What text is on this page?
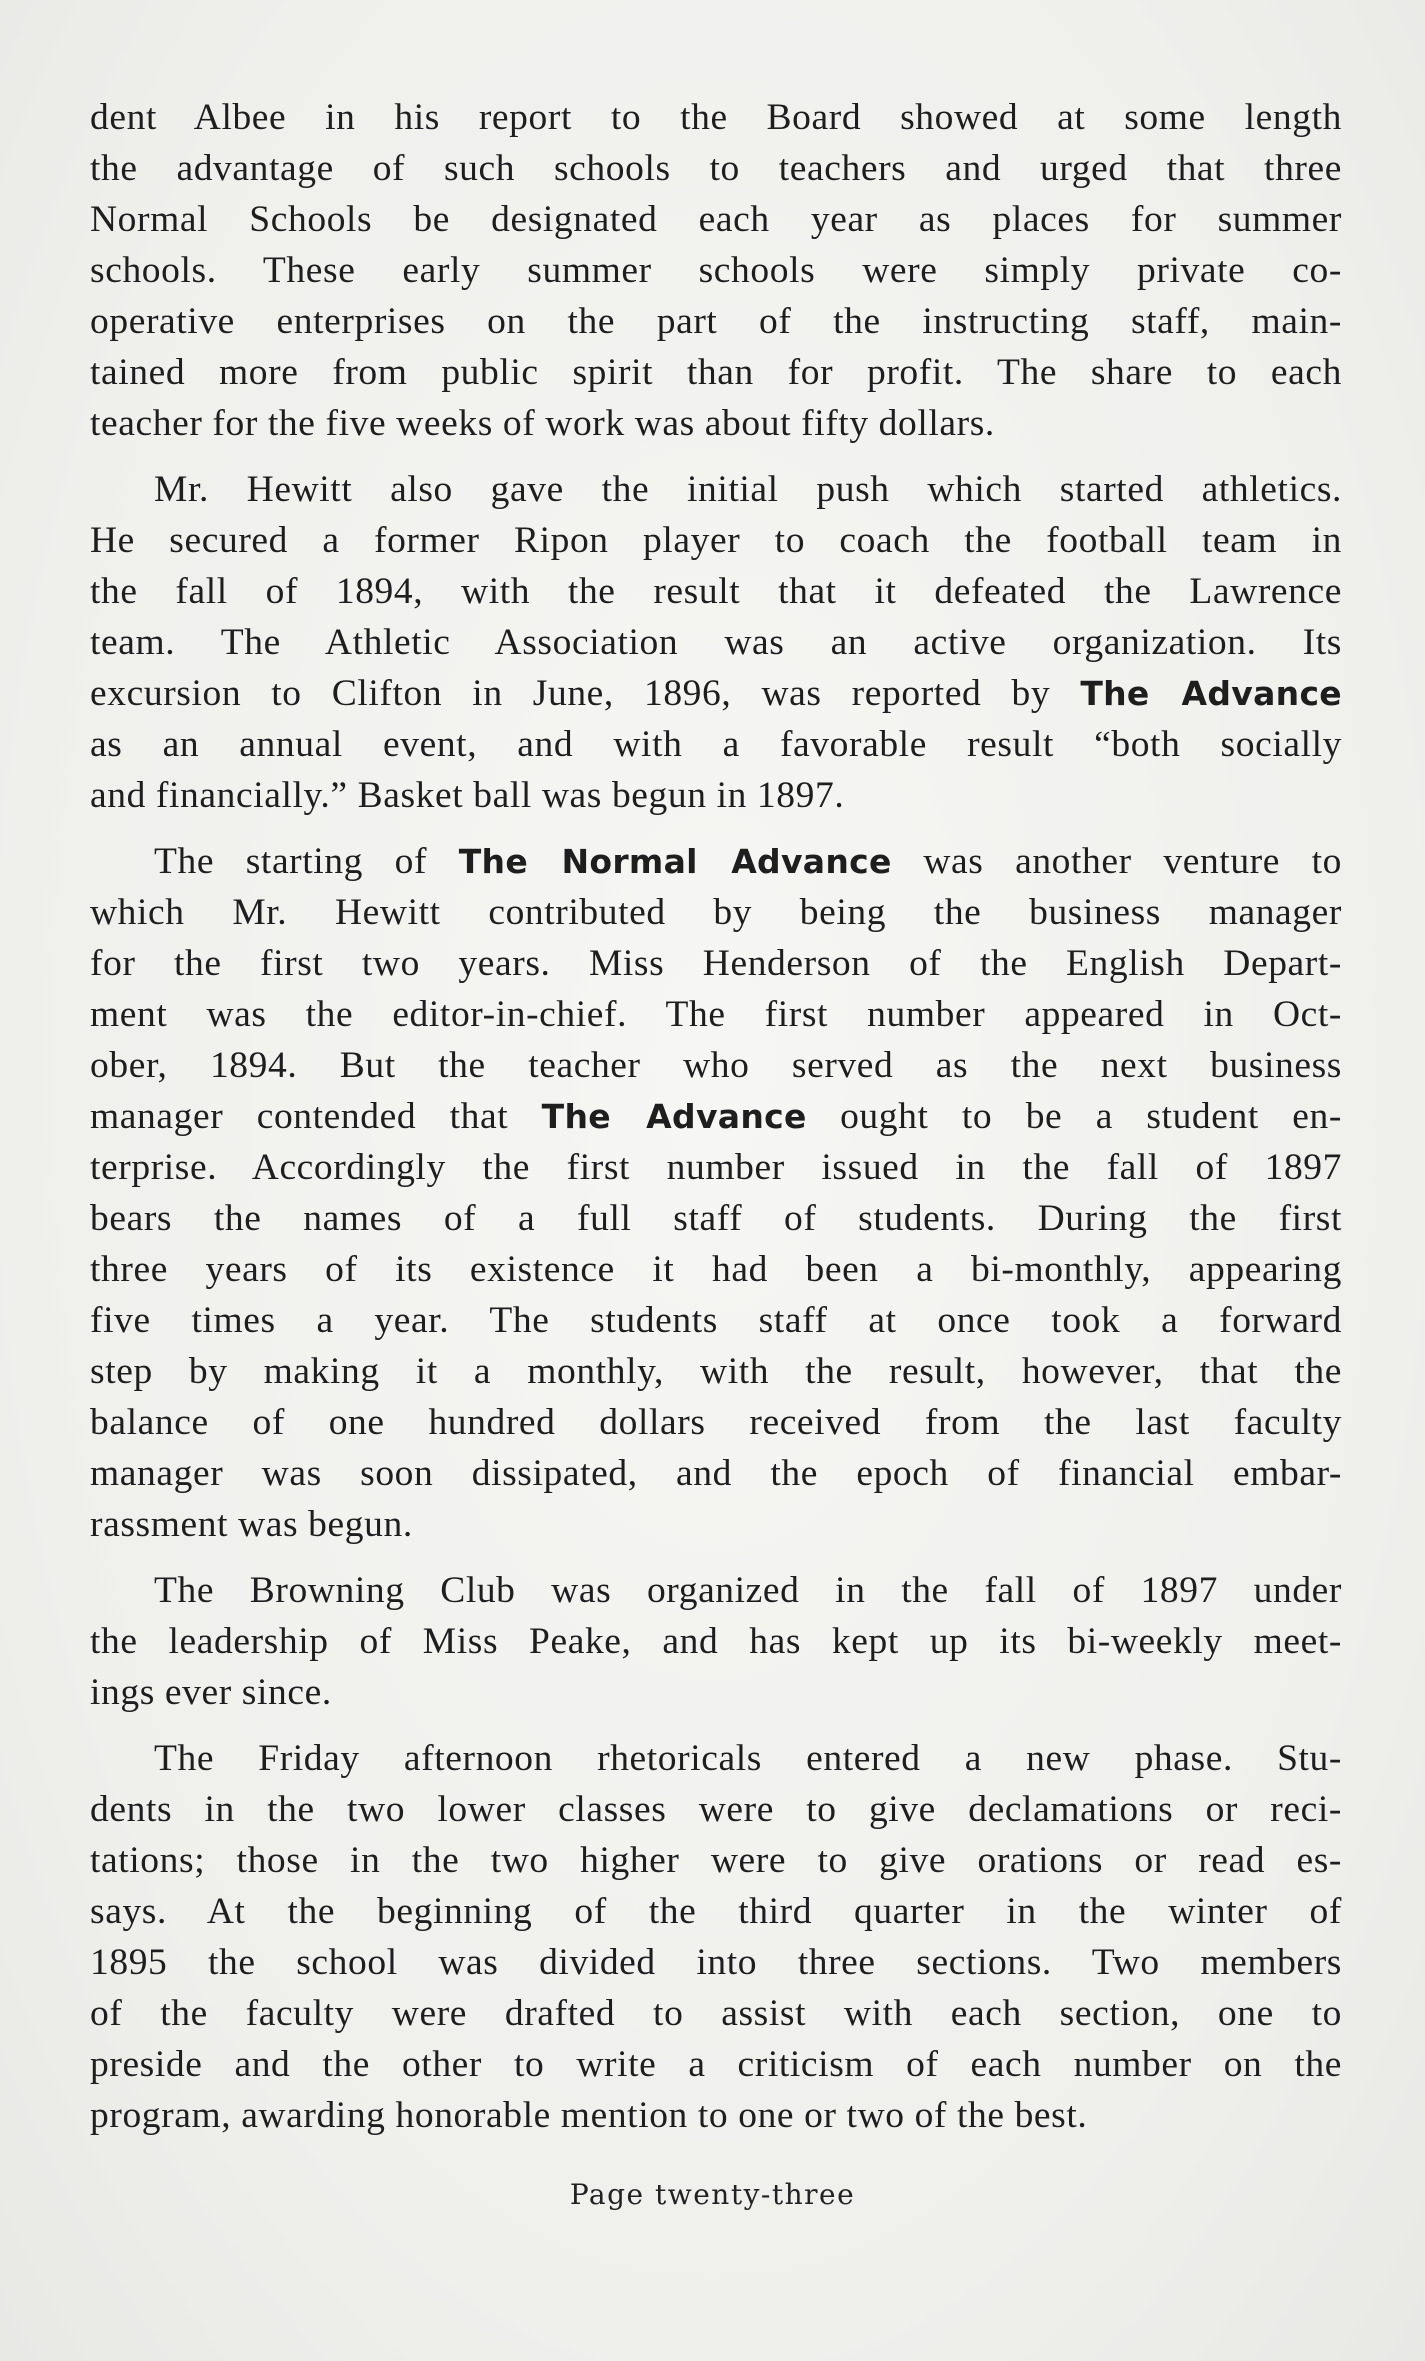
dent Albee in his report to the Board showed at some length
the advantage of such schools to teachers and urged that three
Normal Schools be designated each year as places for summer
schools. These early summer schools were simply private co-
operative enterprises on the part of the instructing staff, main-
tained more from public spirit than for profit. The share to each
teacher for the five weeks of work was about fifty dollars.
Mr. Hewitt also gave the initial push which started athletics.
He secured a former Ripon player to coach the football team in
the fall of 1894, with the result that it defeated the Lawrence
team. The Athletic Association was an active organization. Its
excursion to Clifton in June, 1896, was reported by The Advance
as an annual event, and with a favorable result “both socially
and financially.” Basket ball was begun in 1897.
The starting of The Normal Advance was another venture to
which Mr. Hewitt contributed by being the business manager
for the first two years. Miss Henderson of the English Depart-
ment was the editor-in-chief. The first number appeared in Oct-
ober, 1894. But the teacher who served as the next business
manager contended that The Advance ought to be a student en-
terprise. Accordingly the first number issued in the fall of 1897
bears the names of a full staff of students. During the first
three years of its existence it had been a bi-monthly, appearing
five times a year. The students staff at once took a forward
step by making it a monthly, with the result, however, that the
balance of one hundred dollars received from the last faculty
manager was soon dissipated, and the epoch of financial embar-
rassment was begun.
The Browning Club was organized in the fall of 1897 under
the leadership of Miss Peake, and has kept up its bi-weekly meet-
ings ever since.
The Friday afternoon rhetoricals entered a new phase. Stu-
dents in the two lower classes were to give declamations or reci-
tations; those in the two higher were to give orations or read es-
says. At the beginning of the third quarter in the winter of
1895 the school was divided into three sections. Two members
of the faculty were drafted to assist with each section, one to
preside and the other to write a criticism of each number on the
program, awarding honorable mention to one or two of the best.
Page twenty-three
